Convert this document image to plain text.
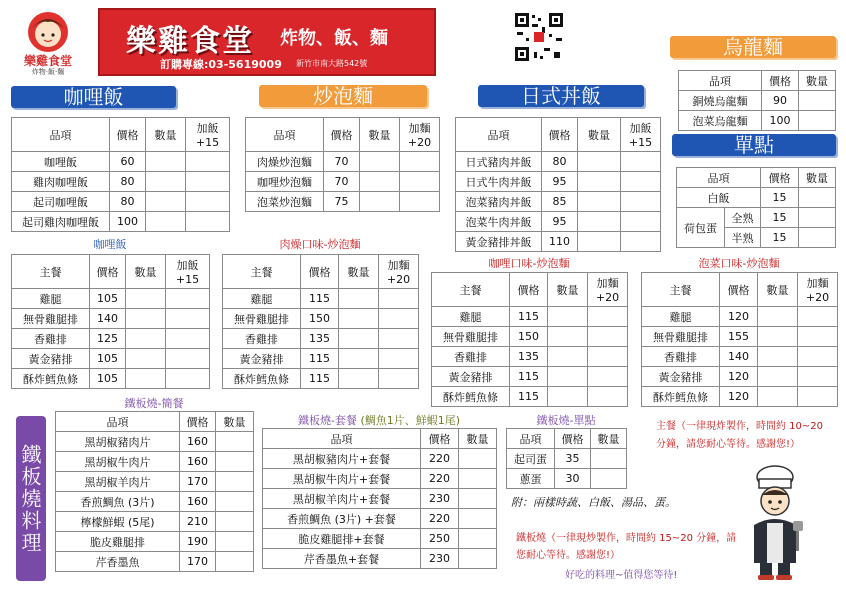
樂雞食堂
炸物·飯·麵
樂雞食堂 炸物、飯、麵
訂購專線:03-5619009 新竹市南大路542號
咖哩飯	炒泡麵	日式丼飯
烏龍麵
單點
品項	價格	數量	加飯
+15
咖哩飯	60		
雞肉咖哩飯	80		
起司咖哩飯	80		
起司雞肉咖哩飯	100		
品項	價格	數量	加麵
+20
肉燥炒泡麵	70		
咖哩炒泡麵	70		
泡菜炒泡麵	75		
品項	價格	數量	加飯
+15
日式豬肉丼飯	80		
日式牛肉丼飯	95		
泡菜豬肉丼飯	85		
泡菜牛肉丼飯	95		
黃金豬排丼飯	110		
品項	價格	數量
銅燒烏龍麵	90	
泡菜烏龍麵	100	
品項		價格	數量
白飯		15	
荷包蛋	全熟	15	
	半熟	15	
咖哩飯
主餐	價格	數量	加飯
+15
雞腿	105		
無骨雞腿排	140		
香雞排	125		
黃金豬排	105		
酥炸鱈魚條	105		
肉燥口味-炒泡麵
主餐	價格	數量	加麵
+20
雞腿	115		
無骨雞腿排	150		
香雞排	135		
黃金豬排	115		
酥炸鱈魚條	115		
咖哩口味-炒泡麵
主餐	價格	數量	加麵
+20
雞腿	115		
無骨雞腿排	150		
香雞排	135		
黃金豬排	115		
酥炸鱈魚條	115		
泡菜口味-炒泡麵
主餐	價格	數量	加麵
+20
雞腿	120		
無骨雞腿排	155		
香雞排	140		
黃金豬排	120		
酥炸鱈魚條	120		
鐵板燒料理
鐵板燒-簡餐
品項	價格	數量
黑胡椒豬肉片	160	
黑胡椒牛肉片	160	
黑胡椒羊肉片	170	
香煎鯛魚 (3片)	160	
檸檬鮮蝦 (5尾)	210	
脆皮雞腿排	190	
芹香墨魚	170	
鐵板燒-套餐 (鯛魚1片、鮮蝦1尾)
品項	價格	數量
黑胡椒豬肉片+套餐	220	
黑胡椒牛肉片+套餐	220	
黑胡椒羊肉片+套餐	230	
香煎鯛魚 (3片) +套餐	220	
脆皮雞腿排+套餐	250	
芹香墨魚+套餐	230	
鐵板燒-單點
品項	價格	數量
起司蛋	35	
蔥蛋	30	
主餐（一律現炸製作，時間約 10~20 分鐘，請您耐心等待。感謝您!）
附：兩樣時蔬、白飯、湯品、蛋。
鐵板燒（一律現炒製作，時間約 15~20 分鐘，請您耐心等待。感謝您!）
好吃的料理~值得您等待!
